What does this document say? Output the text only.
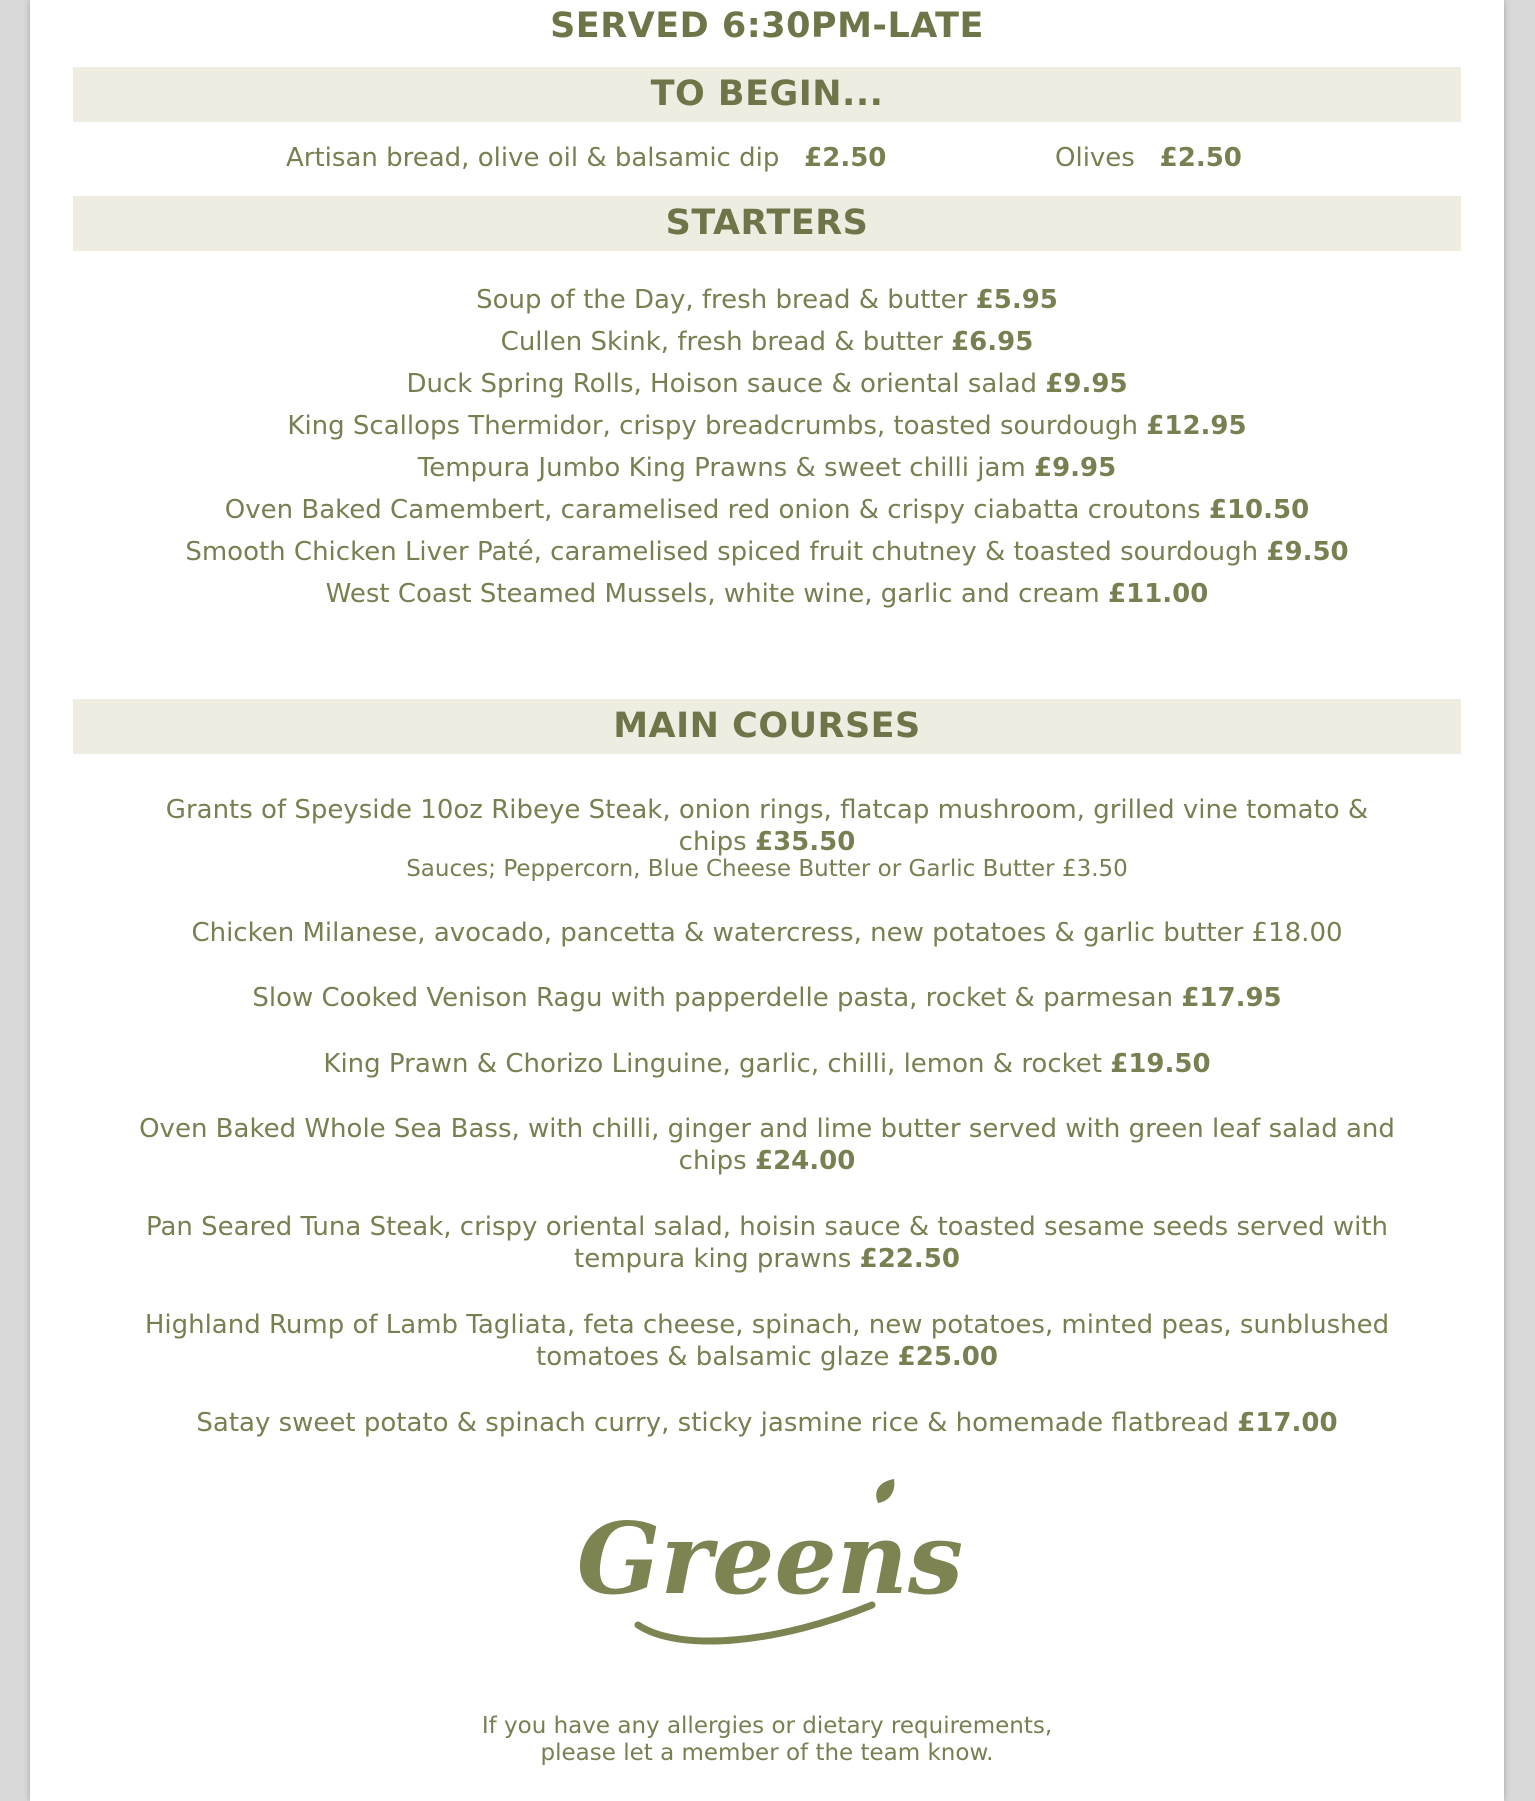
SERVED 6:30PM-LATE
TO BEGIN...
Artisan bread, olive oil & balsamic dip £2.50	Olives £2.50
STARTERS
Soup of the Day, fresh bread & butter £5.95
Cullen Skink, fresh bread & butter £6.95
Duck Spring Rolls, Hoison sauce & oriental salad £9.95
King Scallops Thermidor, crispy breadcrumbs, toasted sourdough £12.95
Tempura Jumbo King Prawns & sweet chilli jam £9.95
Oven Baked Camembert, caramelised red onion & crispy ciabatta croutons £10.50
Smooth Chicken Liver Paté, caramelised spiced fruit chutney & toasted sourdough £9.50
West Coast Steamed Mussels, white wine, garlic and cream £11.00
MAIN COURSES
Grants of Speyside 10oz Ribeye Steak, onion rings, flatcap mushroom, grilled vine tomato & chips £35.50
Sauces; Peppercorn, Blue Cheese Butter or Garlic Butter £3.50
Chicken Milanese, avocado, pancetta & watercress, new potatoes & garlic butter £18.00
Slow Cooked Venison Ragu with papperdelle pasta, rocket & parmesan £17.95
King Prawn & Chorizo Linguine, garlic, chilli, lemon & rocket £19.50
Oven Baked Whole Sea Bass, with chilli, ginger and lime butter served with green leaf salad and chips £24.00
Pan Seared Tuna Steak, crispy oriental salad, hoisin sauce & toasted sesame seeds served with tempura king prawns £22.50
Highland Rump of Lamb Tagliata, feta cheese, spinach, new potatoes, minted peas, sunblushed tomatoes & balsamic glaze £25.00
Satay sweet potato & spinach curry, sticky jasmine rice & homemade flatbread £17.00
Greens
If you have any allergies or dietary requirements,
please let a member of the team know.
